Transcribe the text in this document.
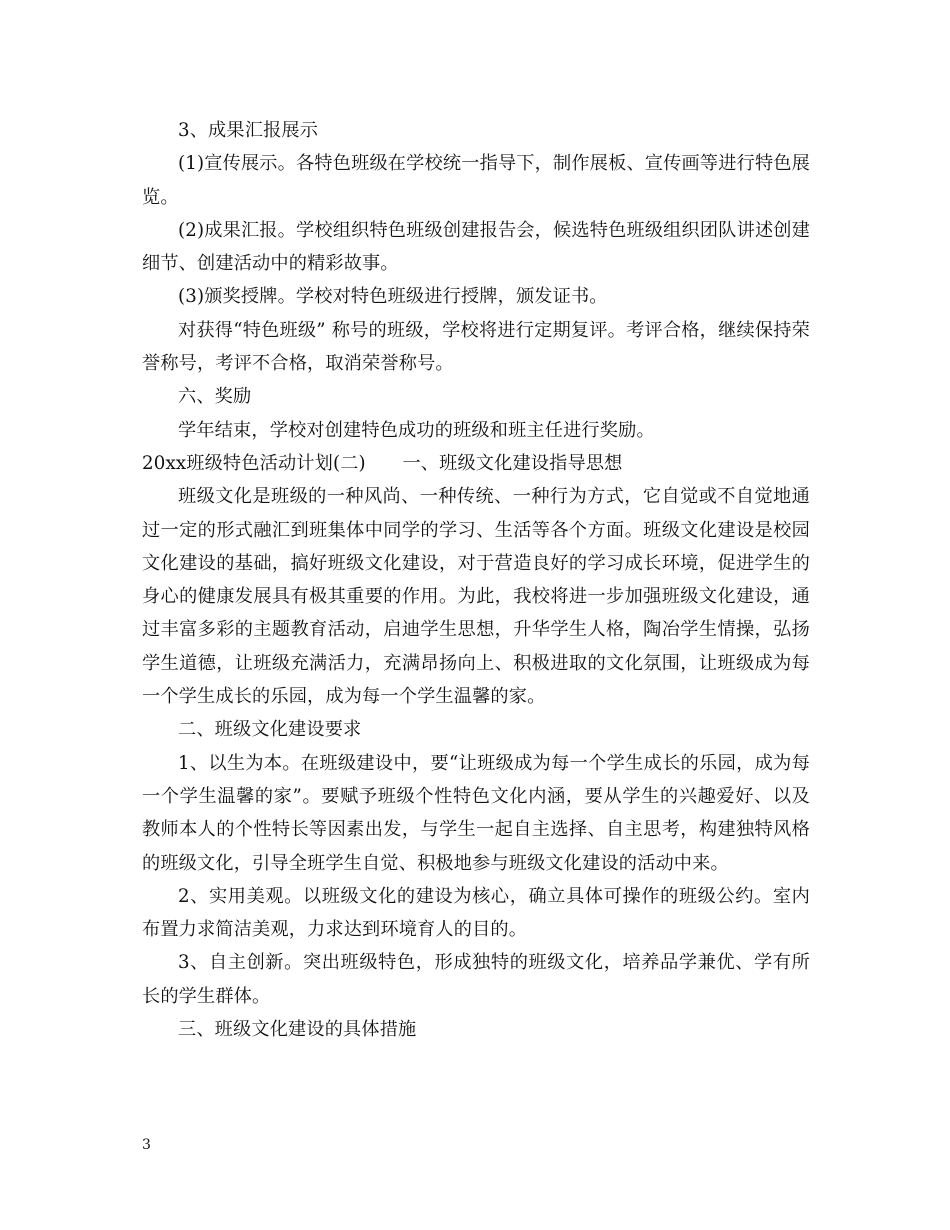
3、成果汇报展示

(1)宣传展示。各特色班级在学校统一指导下，制作展板、宣传画等进行特色展览。

(2)成果汇报。学校组织特色班级创建报告会，候选特色班级组织团队讲述创建细节、创建活动中的精彩故事。

(3)颁奖授牌。学校对特色班级进行授牌，颁发证书。

对获得“特色班级” 称号的班级，学校将进行定期复评。考评合格，继续保持荣誉称号，考评不合格，取消荣誉称号。

六、奖励

学年结束，学校对创建特色成功的班级和班主任进行奖励。

20xx班级特色活动计划(二)　　一、班级文化建设指导思想

班级文化是班级的一种风尚、一种传统、一种行为方式，它自觉或不自觉地通过一定的形式融汇到班集体中同学的学习、生活等各个方面。班级文化建设是校园文化建设的基础，搞好班级文化建设，对于营造良好的学习成长环境，促进学生的身心的健康发展具有极其重要的作用。为此，我校将进一步加强班级文化建设，通过丰富多彩的主题教育活动，启迪学生思想，升华学生人格，陶冶学生情操，弘扬学生道德，让班级充满活力，充满昂扬向上、积极进取的文化氛围，让班级成为每一个学生成长的乐园，成为每一个学生温馨的家。

二、班级文化建设要求

1、以生为本。在班级建设中，要“让班级成为每一个学生成长的乐园，成为每一个学生温馨的家”。要赋予班级个性特色文化内涵，要从学生的兴趣爱好、以及教师本人的个性特长等因素出发，与学生一起自主选择、自主思考，构建独特风格的班级文化，引导全班学生自觉、积极地参与班级文化建设的活动中来。

2、实用美观。以班级文化的建设为核心，确立具体可操作的班级公约。室内布置力求简洁美观，力求达到环境育人的目的。

3、自主创新。突出班级特色，形成独特的班级文化，培养品学兼优、学有所长的学生群体。

三、班级文化建设的具体措施

3
